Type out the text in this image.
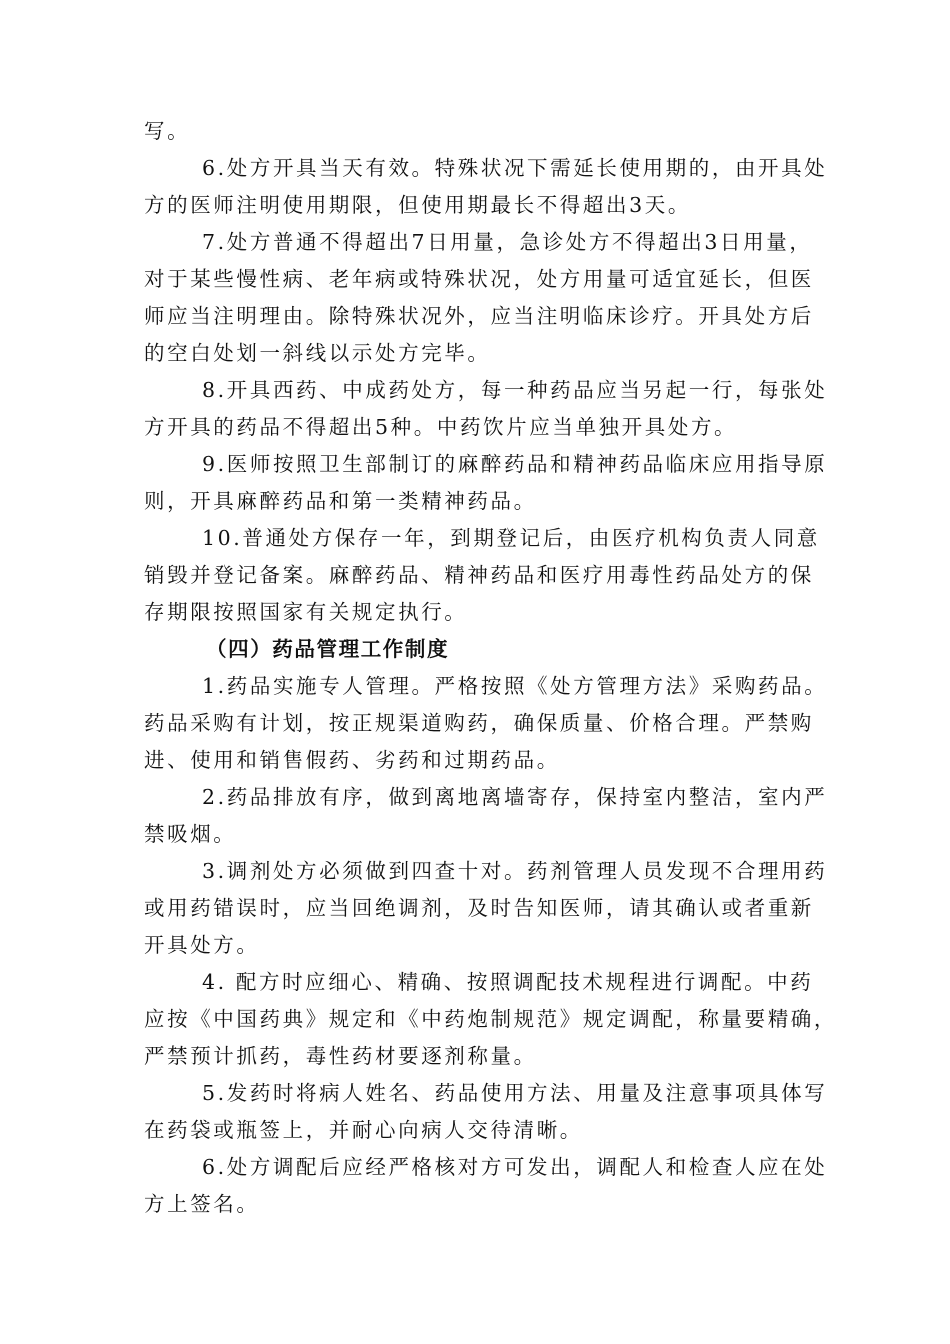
写。
6.处方开具当天有效。特殊状况下需延长使用期的，由开具处
方的医师注明使用期限，但使用期最长不得超出3天。
7.处方普通不得超出7日用量，急诊处方不得超出3日用量，
对于某些慢性病、老年病或特殊状况，处方用量可适宜延长，但医
师应当注明理由。除特殊状况外，应当注明临床诊疗。开具处方后
的空白处划一斜线以示处方完毕。
8.开具西药、中成药处方，每一种药品应当另起一行，每张处
方开具的药品不得超出5种。中药饮片应当单独开具处方。
9.医师按照卫生部制订的麻醉药品和精神药品临床应用指导原
则，开具麻醉药品和第一类精神药品。
10.普通处方保存一年，到期登记后，由医疗机构负责人同意
销毁并登记备案。麻醉药品、精神药品和医疗用毒性药品处方的保
存期限按照国家有关规定执行。
（四）药品管理工作制度
1.药品实施专人管理。严格按照《处方管理方法》采购药品。
药品采购有计划，按正规渠道购药，确保质量、价格合理。严禁购
进、使用和销售假药、劣药和过期药品。
2.药品排放有序，做到离地离墙寄存，保持室内整洁，室内严
禁吸烟。
3.调剂处方必须做到四查十对。药剂管理人员发现不合理用药
或用药错误时，应当回绝调剂，及时告知医师，请其确认或者重新
开具处方。
4. 配方时应细心、精确、按照调配技术规程进行调配。中药
应按《中国药典》规定和《中药炮制规范》规定调配，称量要精确，
严禁预计抓药，毒性药材要逐剂称量。
5.发药时将病人姓名、药品使用方法、用量及注意事项具体写
在药袋或瓶签上，并耐心向病人交待清晰。
6.处方调配后应经严格核对方可发出，调配人和检查人应在处
方上签名。
